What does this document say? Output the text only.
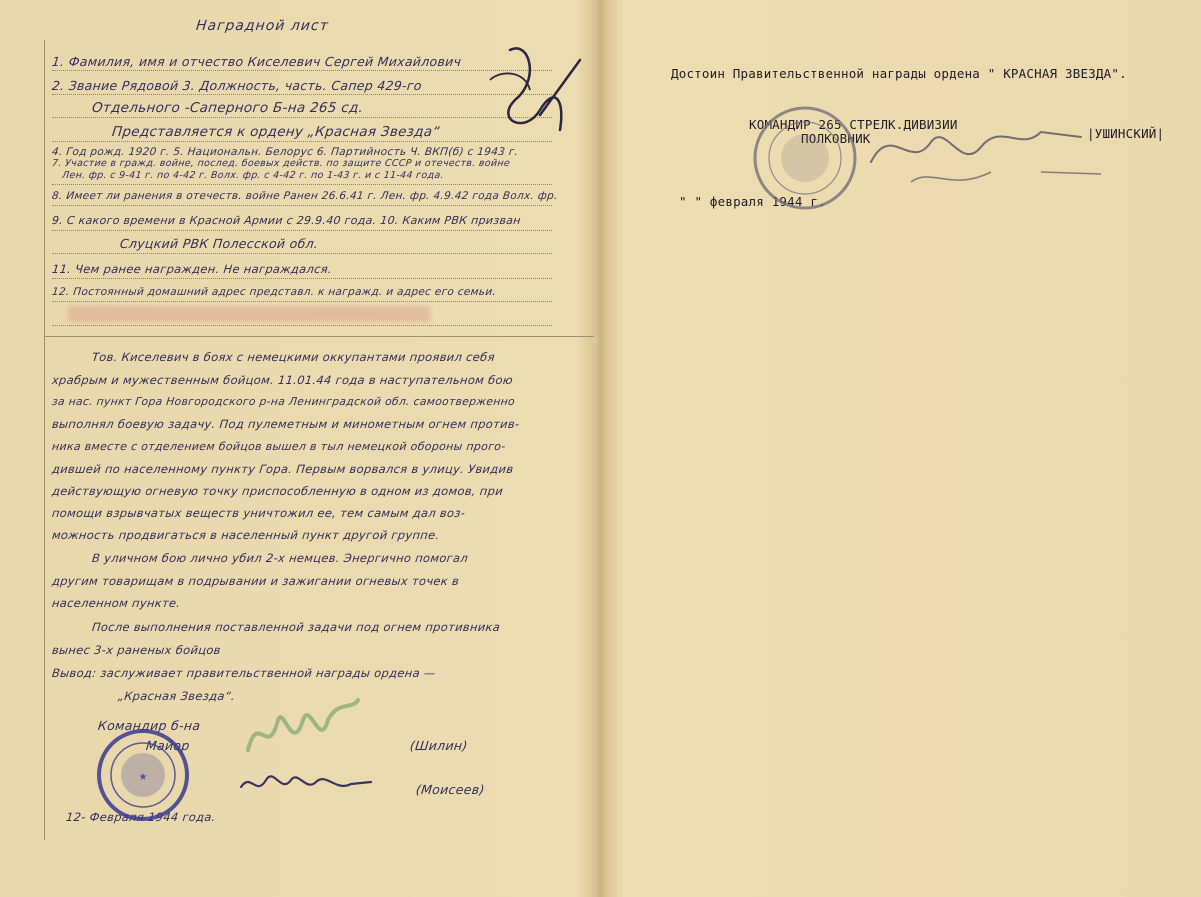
Наградной лист
1. Фамилия, имя и отчество Киселевич Сергей Михайлович
2. Звание Рядовой 3. Должность, часть. Сапер 429-го
Отдельного -Саперного Б-на 265 сд.
Представляется к ордену „Красная Звезда“
4. Год рожд. 1920 г. 5. Национальн. Белорус 6. Партийность Ч. ВКП(б) с 1943 г.
7. Участие в гражд. войне, послед. боевых действ. по защите СССР и отечеств. войне
Лен. фр. с 9-41 г. по 4-42 г. Волх. фр. с 4-42 г. по 1-43 г. и с 11-44 года.
8. Имеет ли ранения в отечеств. войне Ранен 26.6.41 г. Лен. фр. 4.9.42 года Волх. фр.
9. С какого времени в Красной Армии с 29.9.40 года. 10. Каким РВК призван
Слуцкий РВК Полесской обл.
11. Чем ранее награжден. Не награждался.
12. Постоянный домашний адрес представл. к награжд. и адрес его семьи.
Тов. Киселевич в боях с немецкими оккупантами проявил себя
храбрым и мужественным бойцом. 11.01.44 года в наступательном бою
за нас. пункт Гора Новгородского р-на Ленинградской обл. самоотверженно
выполнял боевую задачу. Под пулеметным и минометным огнем против-
ника вместе с отделением бойцов вышел в тыл немецкой обороны прого-
дившей по населенному пункту Гора. Первым ворвался в улицу. Увидив
действующую огневую точку приспособленную в одном из домов, при
помощи взрывчатых веществ уничтожил ее, тем самым дал воз-
можность продвигаться в населенный пункт другой группе.
В уличном бою лично убил 2-х немцев. Энергично помогал
другим товарищам в подрывании и зажигании огневых точек в
населенном пункте.
После выполнения поставленной задачи под огнем противника
вынес 3-х раненых бойцов
Вывод: заслуживает правительственной награды ордена —
„Красная Звезда“.
Командир б-на
Майор	(Шилин)
(Моисеев)
12- Февраля 1944 года.
★
Достоин Правительственной награды ордена " КРАСНАЯ ЗВЕЗДА".
КОМАНДИР 265 СТРЕЛК.ДИВИЗИИ
ПОЛКОВНИК	|УШИНСКИЙ|
" " февраля 1944 г.
